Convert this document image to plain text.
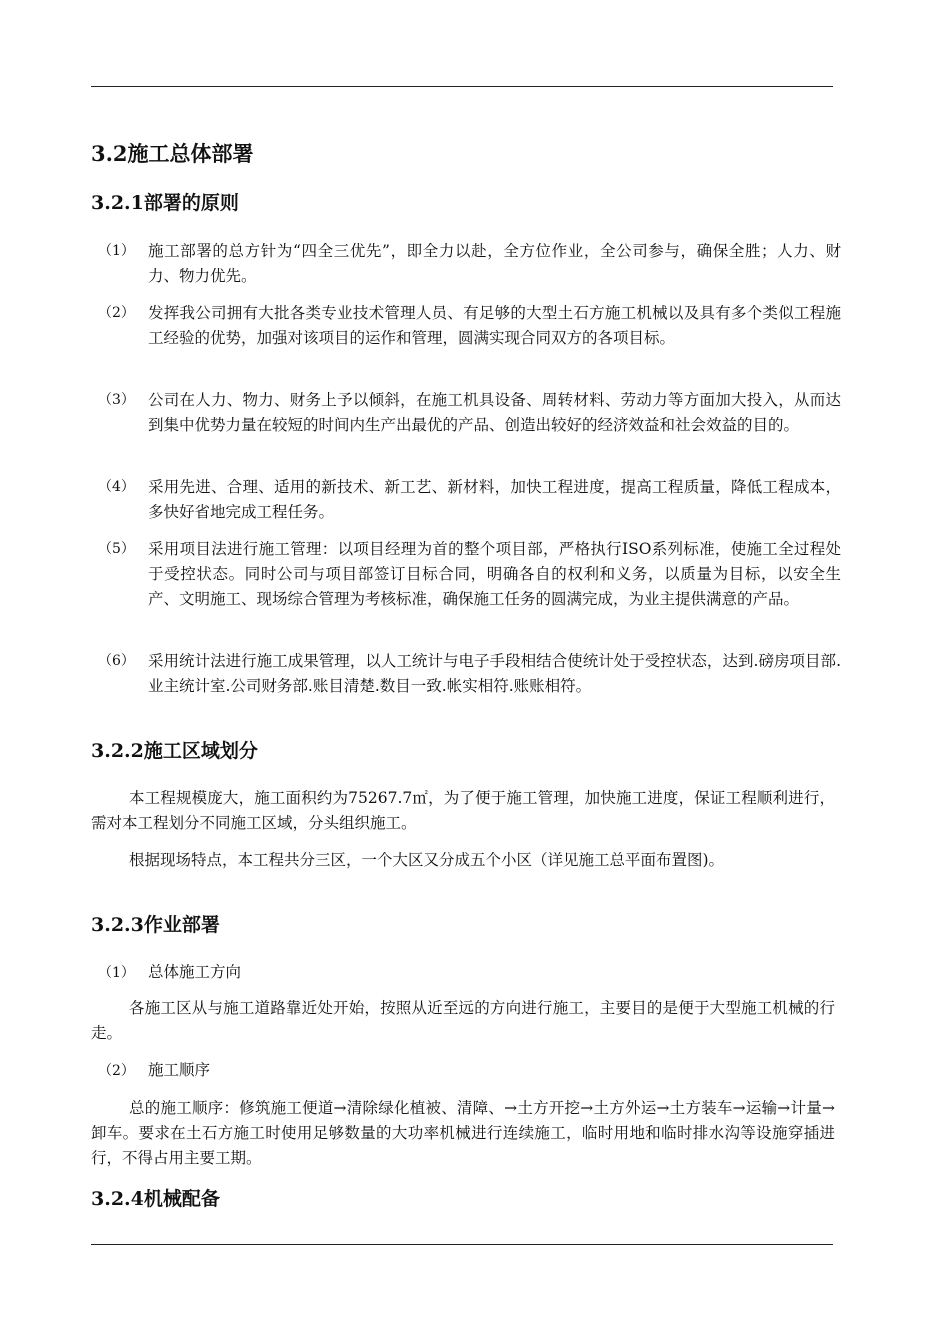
3.2施工总体部署
3.2.1部署的原则
（1） 施工部署的总方针为“四全三优先”，即全力以赴，全方位作业，全公司参与，确保全胜；人力、财力、物力优先。
（2） 发挥我公司拥有大批各类专业技术管理人员、有足够的大型土石方施工机械以及具有多个类似工程施工经验的优势，加强对该项目的运作和管理，圆满实现合同双方的各项目标。
（3） 公司在人力、物力、财务上予以倾斜，在施工机具设备、周转材料、劳动力等方面加大投入，从而达到集中优势力量在较短的时间内生产出最优的产品、创造出较好的经济效益和社会效益的目的。
（4） 采用先进、合理、适用的新技术、新工艺、新材料，加快工程进度，提高工程质量，降低工程成本，多快好省地完成工程任务。
（5） 采用项目法进行施工管理：以项目经理为首的整个项目部，严格执行ISO系列标准，使施工全过程处于受控状态。同时公司与项目部签订目标合同，明确各自的权利和义务，以质量为目标，以安全生产、文明施工、现场综合管理为考核标准，确保施工任务的圆满完成，为业主提供满意的产品。
（6） 采用统计法进行施工成果管理，以人工统计与电子手段相结合使统计处于受控状态，达到.磅房项目部.业主统计室.公司财务部.账目清楚.数目一致.帐实相符.账账相符。
3.2.2施工区域划分
本工程规模庞大，施工面积约为75267.7㎡，为了便于施工管理，加快施工进度，保证工程顺利进行，需对本工程划分不同施工区域，分头组织施工。
根据现场特点，本工程共分三区，一个大区又分成五个小区（详见施工总平面布置图)。
3.2.3作业部署
（1） 总体施工方向
各施工区从与施工道路靠近处开始，按照从近至远的方向进行施工，主要目的是便于大型施工机械的行走。
（2） 施工顺序
总的施工顺序：修筑施工便道→清除绿化植被、清障、→土方开挖→土方外运→土方装车→运输→计量→卸车。要求在土石方施工时使用足够数量的大功率机械进行连续施工，临时用地和临时排水沟等设施穿插进行，不得占用主要工期。
3.2.4机械配备
